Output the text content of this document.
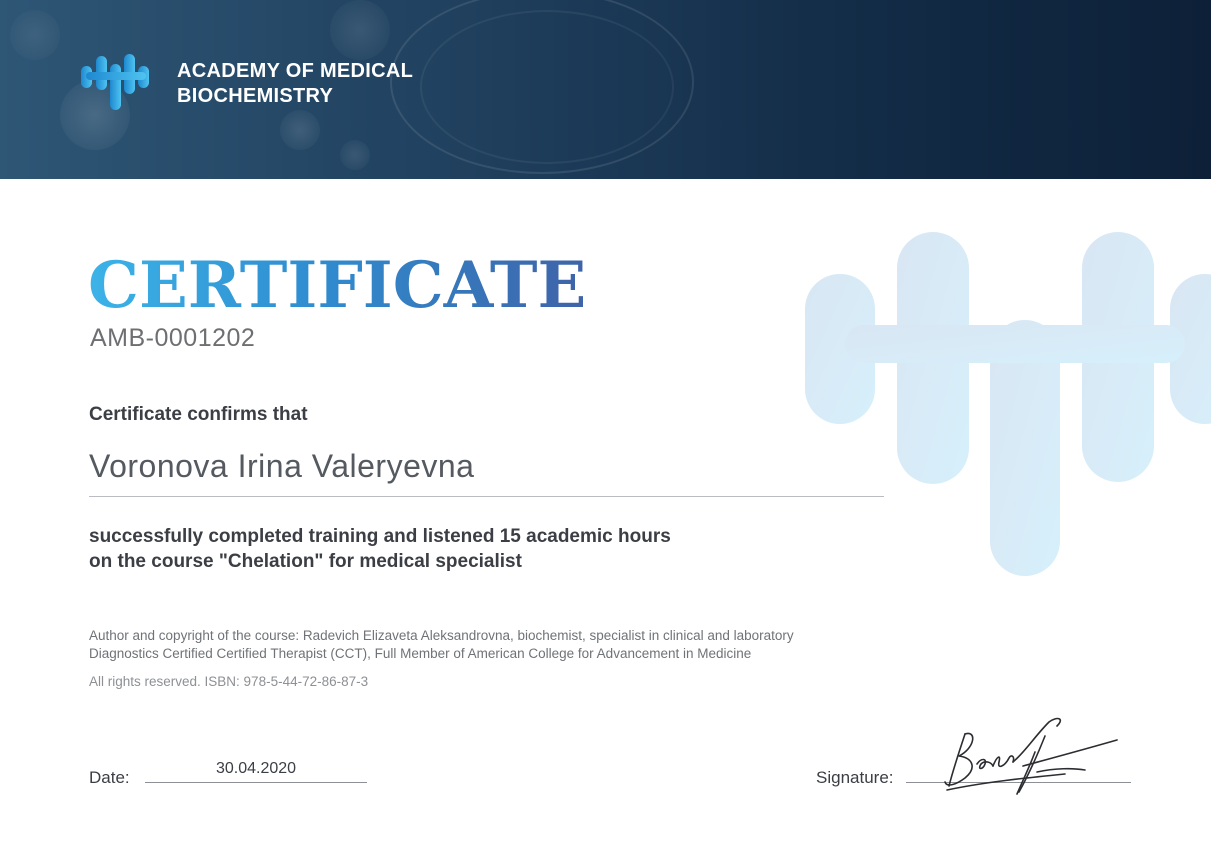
ACADEMY OF MEDICAL
BIOCHEMISTRY
CERTIFICATE
AMB-0001202
Certificate confirms that
Voronova Irina Valeryevna
successfully completed training and listened 15 academic hours
on the course "Chelation" for medical specialist
Author and copyright of the course: Radevich Elizaveta Aleksandrovna, biochemist, specialist in clinical and laboratory
Diagnostics Certified Certified Therapist (CCT), Full Member of American College for Advancement in Medicine
All rights reserved. ISBN: 978-5-44-72-86-87-3
Date:	30.04.2020	Signature:
